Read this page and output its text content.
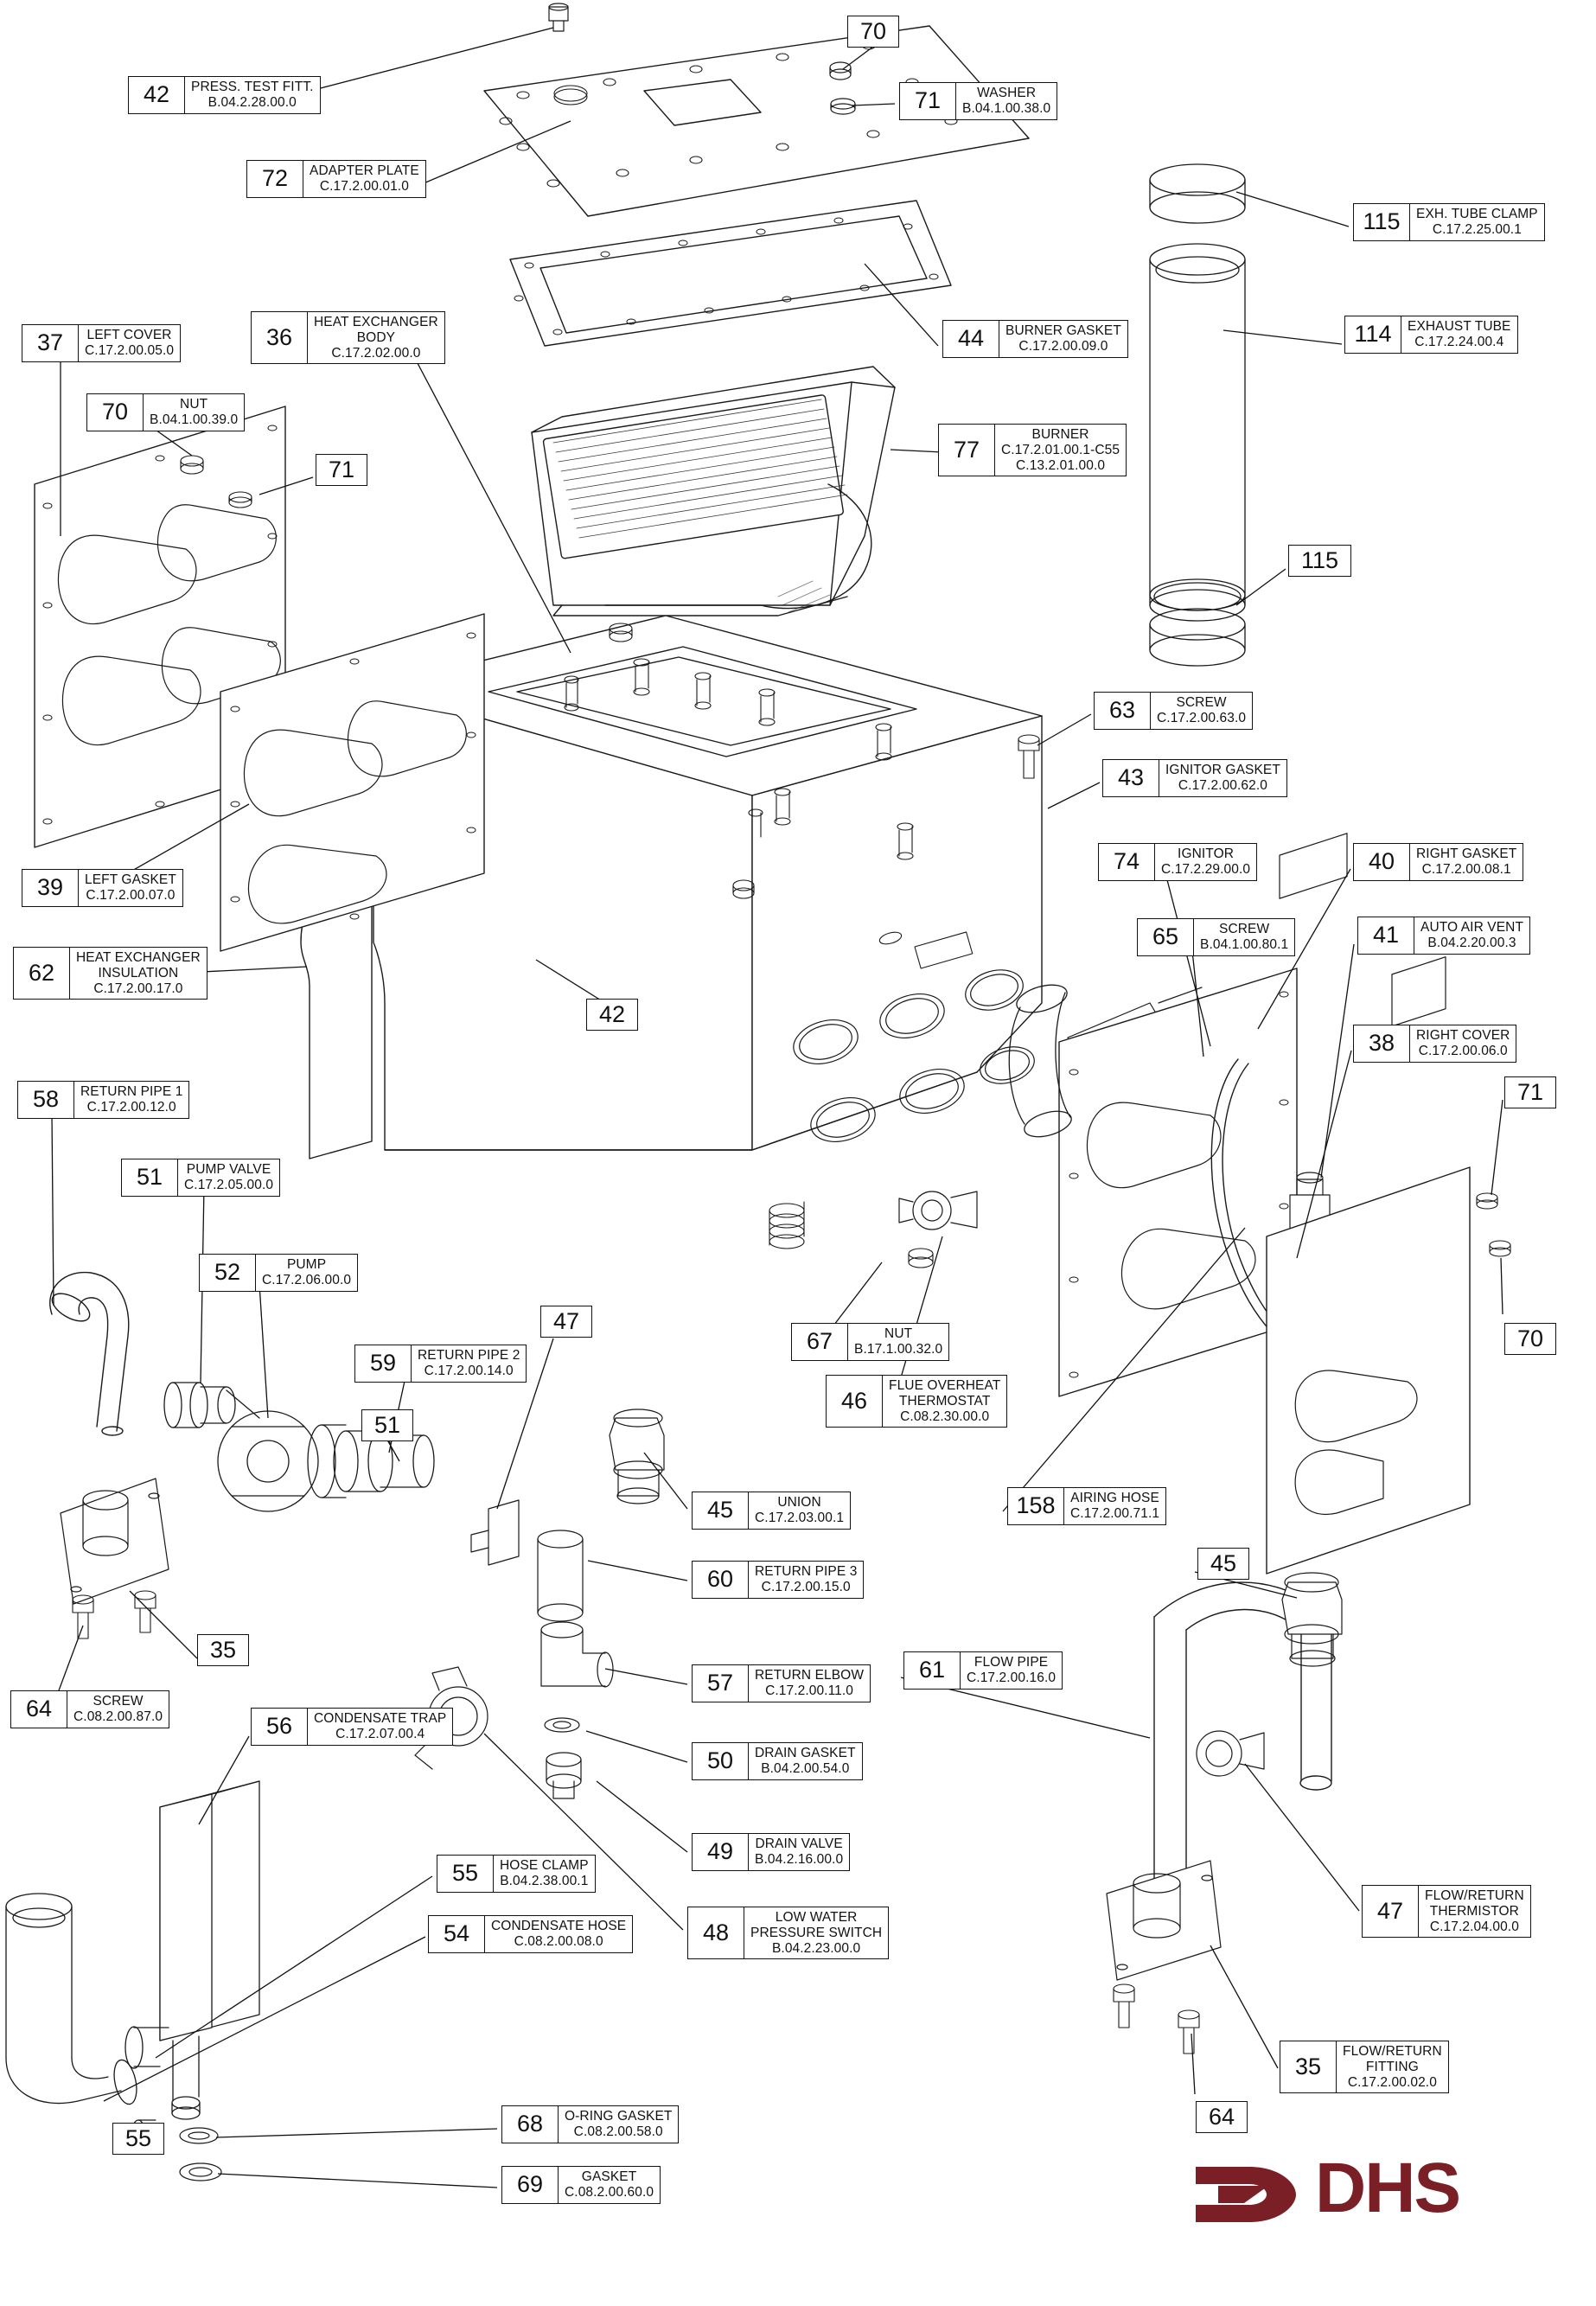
70
42	PRESS. TEST FITT.
B.04.2.28.00.0	71	WASHER
B.04.1.00.38.0
72	ADAPTER PLATE
C.17.2.00.01.0
115	EXH. TUBE CLAMP
C.17.2.25.00.1
37	LEFT COVER
C.17.2.00.05.0
36
HEAT EXCHANGER
BODY
C.17.2.02.00.0
44	BURNER GASKET
C.17.2.00.09.0	114	EXHAUST TUBE
C.17.2.24.00.4
70	NUT
B.04.1.00.39.0
77
BURNER
C.17.2.01.00.1-C55
C.13.2.01.00.0
71
115
63	SCREW
C.17.2.00.63.0
43	IGNITOR GASKET
C.17.2.00.62.0
40	RIGHT GASKET
C.17.2.00.08.1
74	IGNITOR
C.17.2.29.00.0
39	LEFT GASKET
C.17.2.00.07.0
65	SCREW
B.04.1.00.80.1	41	AUTO AIR VENT
B.04.2.20.00.3
62
HEAT EXCHANGER
INSULATION
C.17.2.00.17.0
38	RIGHT COVER
C.17.2.00.06.0
71
58	RETURN PIPE 1
C.17.2.00.12.0
42
51	PUMP VALVE
C.17.2.05.00.0
52	PUMP
C.17.2.06.00.0
70
59	RETURN PIPE 2
C.17.2.00.14.0
47
67	NUT
B.17.1.00.32.0
51
46
FLUE OVERHEAT
THERMOSTAT
C.08.2.30.00.0
45	UNION
C.17.2.03.00.1	158	AIRING HOSE
C.17.2.00.71.1
45
60	RETURN PIPE 3
C.17.2.00.15.0
61	FLOW PIPE
C.17.2.00.16.0
35
57	RETURN ELBOW
C.17.2.00.11.0
64	SCREW
C.08.2.00.87.0	56	CONDENSATE TRAP
C.17.2.07.00.4
50	DRAIN GASKET
B.04.2.00.54.0
49	DRAIN VALVE
B.04.2.16.00.0
55	HOSE CLAMP
B.04.2.38.00.1
54	CONDENSATE HOSE
C.08.2.00.08.0	48
LOW WATER
PRESSURE SWITCH
B.04.2.23.00.0
47
FLOW/RETURN
THERMISTOR
C.17.2.04.00.0
55
35
FLOW/RETURN
FITTING
C.17.2.00.02.0
64
68	O-RING GASKET
C.08.2.00.58.0
69	GASKET
C.08.2.00.60.0	DHS
